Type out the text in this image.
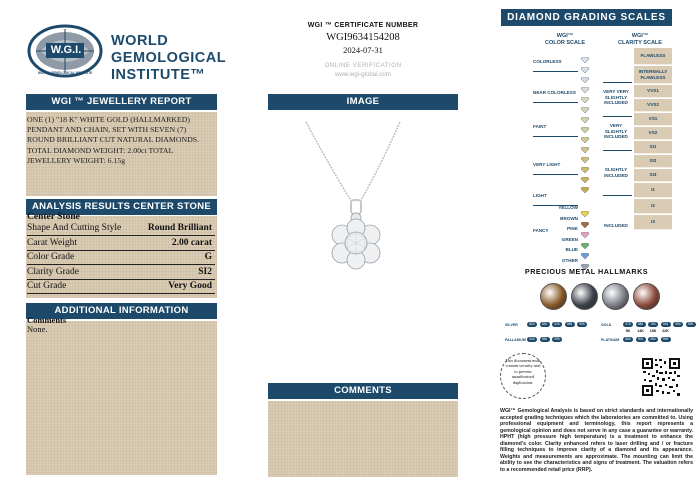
W.G.I.
WORLD GEMOLOGICAL INSTITUTE
WORLD
GEMOLOGICAL
INSTITUTE™
WGI ™ JEWELLERY REPORT
ONE (1) "18 K" WHITE GOLD (HALLMARKED) PENDANT AND CHAIN, SET WITH SEVEN (7) ROUND BRILLIANT CUT NATURAL DIAMONDS. TOTAL DIAMOND WEIGHT: 2.00ct TOTAL JEWELLERY WEIGHT: 6.15g
ANALYSIS RESULTS CENTER STONE
Center Stone
Shape And Cutting Style	Round Brilliant
Carat Weight	2.00 carat
Color Grade	G
Clarity Grade	SI2
Cut Grade	Very Good
ADDITIONAL INFORMATION
Comments
None.
WGI ™ CERTIFICATE NUMBER
WGI9634154208
2024-07-31
ONLINE VERIFICATION
www.wgi-global.com
IMAGE
COMMENTS
DIAMOND GRADING SCALES
WGI™
COLOR SCALE
WGI™
CLARITY SCALE
COLORLESS
NEAR COLORLESS
FAINT
VERY LIGHT
LIGHT
YELLOW
BROWN
PINK
GREEN
BLUE
OTHER
FANCY
FLAWLESS
INTERNALLY FLAWLESS
VVS1
VVS2
VS1
VS2
SI1
SI2
SI3
I1
I2
I3
VERY VERY SLIGHTLY INCLUDED
VERY SLIGHTLY INCLUDED
SLIGHTLY INCLUDED
INCLUDED
PRECIOUS METAL HALLMARKS
SILVER	800	830	925	958	999
PALLADIUM	500	950	999
GOLD	375	585	750	916	990	999
PLATINUM	850	900	950	999
9K	14K	18K	22K
This document must contain security seal to prevent unauthorised duplication.
WGI™ Gemological Analysis is based on strict standards and internationally accepted grading techniques which the laboratories are committed to. Using professional equipment and terminology, this report represents a gemological opinion and does not serve in any case a guarantee or warranty. HPHT (high pressure high temperature) is a treatment to enhance the diamond's color. Clarity enhanced refers to laser drilling and / or fracture filling techniques to improve clarity of a diamond and its appearance. Weights and measurements are approximate. The mounting can limit the ability to see the characteristics and signs of treatment. The valuation refers to a recommended retail price (RRP).
